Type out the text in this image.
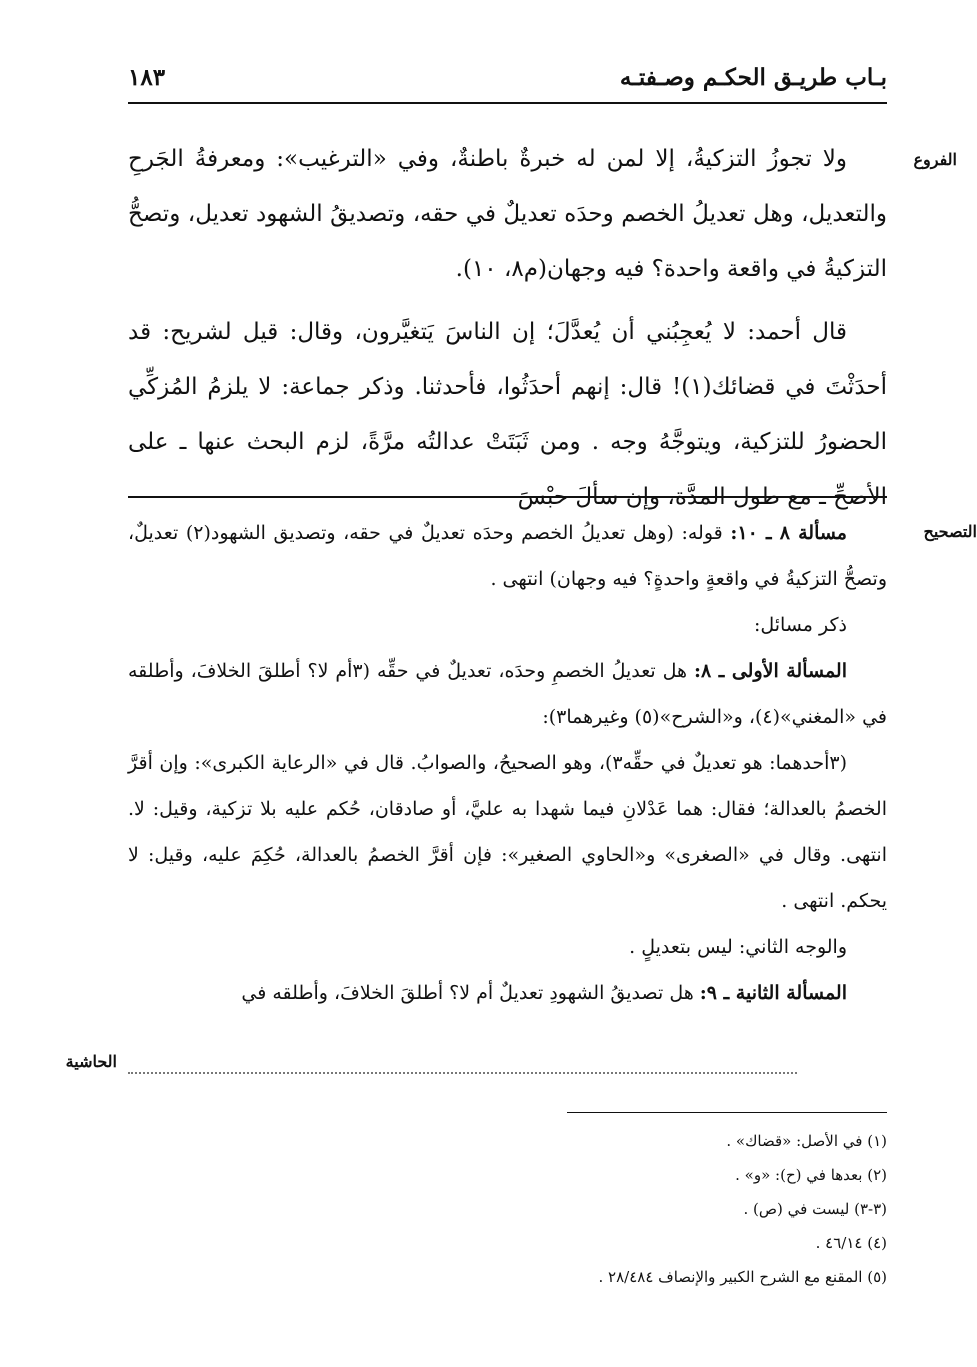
بـاب طريـق الحكـم وصـفتـه
١٨٣
الفروع
التصحيح
الحاشية

ولا تجوزُ التزكيةُ، إلا لمن له خبرةٌ باطنةٌ، وفي «الترغيب»: ومعرفةُ الجَرحِ والتعديل، وهل تعديلُ الخصم وحدَه تعديلٌ في حقه، وتصديقُ الشهود تعديل، وتصحُّ التزكيةُ في واقعة واحدة؟ فيه وجهان(م٨، ١٠).

قال أحمد: لا يُعجِبُني أن يُعدَّلَ؛ إن الناسَ يَتغيَّرون، وقال: قيل لشريح: قد أحدَثْتَ في قضائك(١)! قال: إنهم أحدَثُوا، فأحدثنا. وذكر جماعة: لا يلزمُ المُزكِّي الحضورُ للتزكية، ويتوجَّهُ وجه . ومن ثَبَتَتْ عدالتُه مرَّةً، لزم البحث عنها ـ على الأصحِّ ـ مع طول المدَّة، وإن سألَ حبْسَ

مسألة ٨ ـ ١٠: قوله: (وهل تعديلُ الخصم وحدَه تعديلٌ في حقه، وتصديق الشهود(٢) تعديلٌ، وتصحُّ التزكيةُ في واقعةٍ واحدةٍ؟ فيه وجهان) انتهى .

ذكر مسائل:

المسألة الأولى ـ ٨: هل تعديلُ الخصمِ وحدَه، تعديلٌ في حقِّه (٣أم لا؟ أطلقَ الخلافَ، وأطلقه في «المغني»(٤)، و«الشرح»(٥) وغيرهما٣):

(٣أحدهما: هو تعديلٌ في حقِّه٣)، وهو الصحيحُ، والصوابُ. قال في «الرعاية الكبرى»: وإن أقرَّ الخصمُ بالعدالة؛ فقال: هما عَدْلانِ فيما شهدا به عليَّ، أو صادقان، حُكم عليه بلا تزكية، وقيل: لا. انتهى. وقال في «الصغرى» و«الحاوي الصغير»: فإن أقرَّ الخصمُ بالعدالة، حُكِمَ عليه، وقيل: لا يحكم. انتهى .

والوجه الثاني: ليس بتعديلٍ .

المسألة الثانية ـ ٩: هل تصديقُ الشهودِ تعديلٌ أم لا؟ أطلقَ الخلافَ، وأطلقه في

(١) في الأصل: «قضاك» .
(٢) بعدها في (ح): «و» .
(٣-٣) ليست في (ص) .
(٤) ٤٦/١٤ .
(٥) المقنع مع الشرح الكبير والإنصاف ٢٨/٤٨٤ .
